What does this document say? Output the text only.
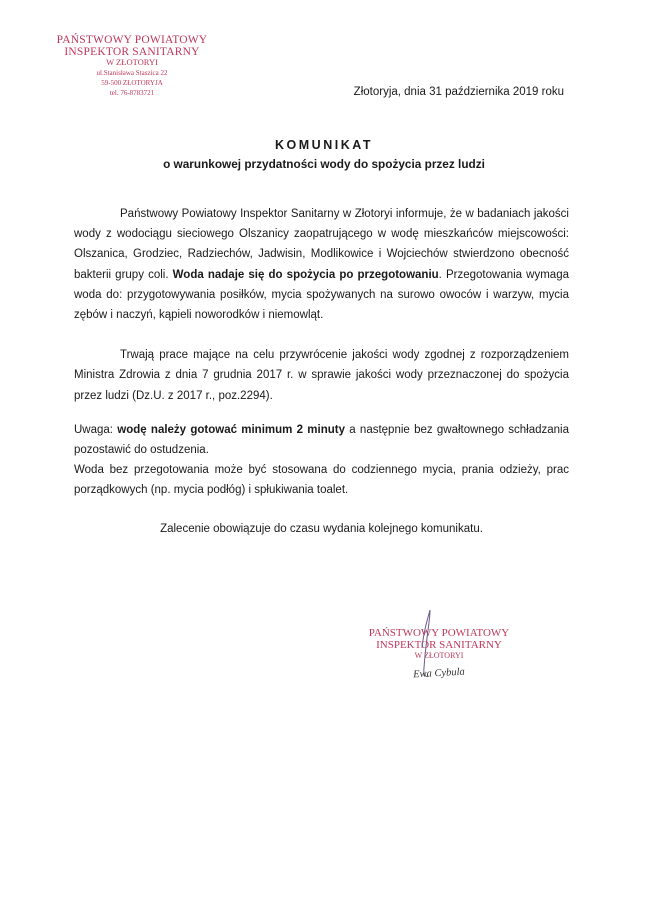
PAŃSTWOWY POWIATOWY
INSPEKTOR SANITARNY
W ZŁOTORYI
ul.Stanisława Staszica 22
59-500 ZŁOTORYJA
tel. 76-8783721	Złotoryja, dnia 31 października 2019 roku
KOMUNIKAT
o warunkowej przydatności wody do spożycia przez ludzi

Państwowy Powiatowy Inspektor Sanitarny w Złotoryi informuje, że w badaniach jakości wody z wodociągu sieciowego Olszanicy zaopatrującego w wodę mieszkańców miejscowości: Olszanica, Grodziec, Radziechów, Jadwisin, Modlikowice i Wojciechów stwierdzono obecność bakterii grupy coli. Woda nadaje się do spożycia po przegotowaniu. Przegotowania wymaga woda do: przygotowywania posiłków, mycia spożywanych na surowo owoców i warzyw, mycia zębów i naczyń, kąpieli noworodków i niemowląt.

Trwają prace mające na celu przywrócenie jakości wody zgodnej z rozporządzeniem Ministra Zdrowia z dnia 7 grudnia 2017 r. w sprawie jakości wody przeznaczonej do spożycia przez ludzi (Dz.U. z 2017 r., poz.2294).

Uwaga: wodę należy gotować minimum 2 minuty a następnie bez gwałtownego schładzania pozostawić do ostudzenia.

Woda bez przegotowania może być stosowana do codziennego mycia, prania odzieży, prac porządkowych (np. mycia podłóg) i spłukiwania toalet.

Zalecenie obowiązuje do czasu wydania kolejnego komunikatu.

PAŃSTWOWY POWIATOWY
INSPEKTOR SANITARNY
W ZŁOTORYI
Ewa Cybula
